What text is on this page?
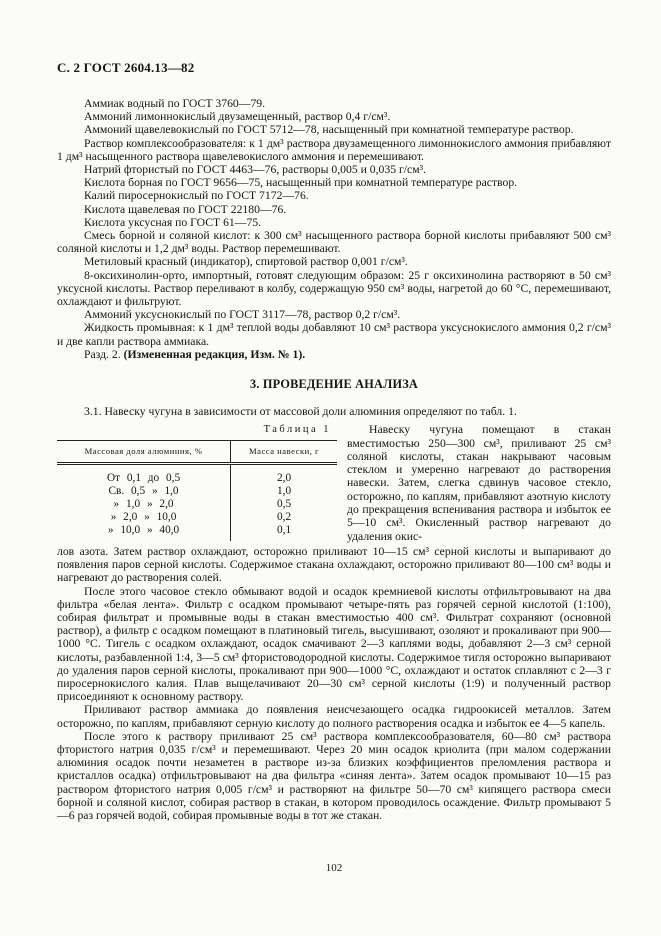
С. 2 ГОСТ 2604.13—82

Аммиак водный по ГОСТ 3760—79.

Аммоний лимоннокислый двузамещенный, раствор 0,4 г/см³.

Аммоний щавелевокислый по ГОСТ 5712—78, насыщенный при комнатной температуре раствор.

Раствор комплексообразователя: к 1 дм³ раствора двузамещенного лимоннокислого аммония прибавляют 1 дм³ насыщенного раствора щавелевокислого аммония и перемешивают.

Натрий фтористый по ГОСТ 4463—76, растворы 0,005 и 0,035 г/см³.

Кислота борная по ГОСТ 9656—75, насыщенный при комнатной температуре раствор.

Калий пиросернокислый по ГОСТ 7172—76.

Кислота щавелевая по ГОСТ 22180—76.

Кислота уксусная по ГОСТ 61—75.

Смесь борной и соляной кислот: к 300 см³ насыщенного раствора борной кислоты прибавляют 500 см³ соляной кислоты и 1,2 дм³ воды. Раствор перемешивают.

Метиловый красный (индикатор), спиртовой раствор 0,001 г/см³.

8-оксихинолин-орто, импортный, готовят следующим образом: 25 г оксихинолина растворяют в 50 см³ уксусной кислоты. Раствор переливают в колбу, содержащую 950 см³ воды, нагретой до 60 °С, перемешивают, охлаждают и фильтруют.

Аммоний уксуснокислый по ГОСТ 3117—78, раствор 0,2 г/см³.

Жидкость промывная: к 1 дм³ теплой воды добавляют 10 см³ раствора уксуснокислого аммония 0,2 г/см³ и две капли раствора аммиака.

Разд. 2. (Измененная редакция, Изм. № 1).

3. ПРОВЕДЕНИЕ АНАЛИЗА

3.1. Навеску чугуна в зависимости от массовой доли алюминия определяют по табл. 1.

Таблица 1
Массовая доля алюминия, %	Масса навески, г
От 0,1 до 0,5	2,0
Св. 0,5 » 1,0	1,0
» 1,0 » 2,0	0,5
» 2,0 » 10,0	0,2
» 10,0 » 40,0	0,1

Навеску чугуна помещают в стакан вместимостью 250—300 см³, приливают 25 см³ соляной кислоты, стакан накрывают часовым стеклом и умеренно нагревают до растворения навески. Затем, слегка сдвинув часовое стекло, осторожно, по каплям, прибавляют азотную кислоту до прекращения вспенивания раствора и избыток ее 5—10 см³. Окисленный раствор нагревают до удаления окис-

лов азота. Затем раствор охлаждают, осторожно приливают 10—15 см³ серной кислоты и выпаривают до появления паров серной кислоты. Содержимое стакана охлаждают, осторожно приливают 80—100 см³ воды и нагревают до растворения солей.

После этого часовое стекло обмывают водой и осадок кремниевой кислоты отфильтровывают на два фильтра «белая лента». Фильтр с осадком промывают четыре-пять раз горячей серной кислотой (1:100), собирая фильтрат и промывные воды в стакан вместимостью 400 см³. Фильтрат сохраняют (основной раствор), а фильтр с осадком помещают в платиновый тигель, высушивают, озоляют и прокаливают при 900—1000 °С. Тигель с осадком охлаждают, осадок смачивают 2—3 каплями воды, добавляют 2—3 см³ серной кислоты, разбавленной 1:4, 3—5 см³ фтористоводородной кислоты. Содержимое тигля осторожно выпаривают до удаления паров серной кислоты, прокаливают при 900—1000 °С, охлаждают и остаток сплавляют с 2—3 г пиросернокислого калия. Плав выщелачивают 20—30 см³ серной кислоты (1:9) и полученный раствор присоединяют к основному раствору.

Приливают раствор аммиака до появления неисчезающего осадка гидроокисей металлов. Затем осторожно, по каплям, прибавляют серную кислоту до полного растворения осадка и избыток ее 4—5 капель.

После этого к раствору приливают 25 см³ раствора комплексообразователя, 60—80 см³ раствора фтористого натрия 0,035 г/см³ и перемешивают. Через 20 мин осадок криолита (при малом содержании алюминия осадок почти незаметен в растворе из-за близких коэффициентов преломления раствора и кристаллов осадка) отфильтровывают на два фильтра «синяя лента». Затем осадок промывают 10—15 раз раствором фтористого натрия 0,005 г/см³ и растворяют на фильтре 50—70 см³ кипящего раствора смеси борной и соляной кислот, собирая раствор в стакан, в котором проводилось осаждение. Фильтр промывают 5—6 раз горячей водой, собирая промывные воды в тот же стакан.

102
